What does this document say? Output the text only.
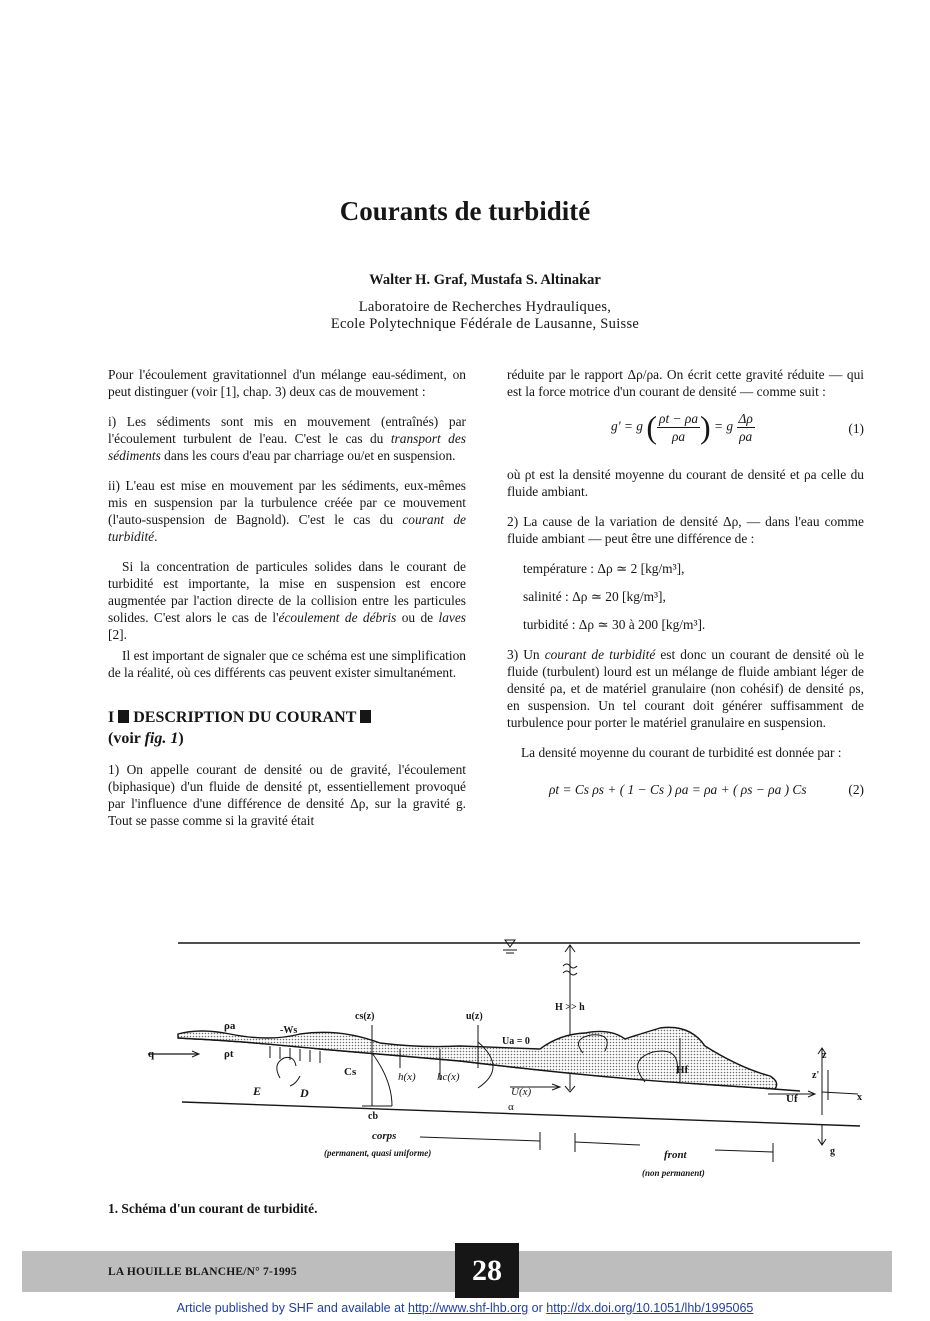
Courants de turbidité
Walter H. Graf, Mustafa S. Altinakar
Laboratoire de Recherches Hydrauliques,
Ecole Polytechnique Fédérale de Lausanne, Suisse

Pour l'écoulement gravitationnel d'un mélange eau-sédiment, on peut distinguer (voir [1], chap. 3) deux cas de mouvement :

i) Les sédiments sont mis en mouvement (entraînés) par l'écoulement turbulent de l'eau. C'est le cas du transport des sédiments dans les cours d'eau par charriage ou/et en suspension.

ii) L'eau est mise en mouvement par les sédiments, eux-mêmes mis en suspension par la turbulence créée par ce mouvement (l'auto-suspension de Bagnold). C'est le cas du courant de turbidité.

Si la concentration de particules solides dans le courant de turbidité est importante, la mise en suspension est encore augmentée par l'action directe de la collision entre les particules solides. C'est alors le cas de l'écoulement de débris ou de laves [2].

Il est important de signaler que ce schéma est une simplification de la réalité, où ces différents cas peuvent exister simultanément.

I DESCRIPTION DU COURANT
(voir fig. 1)

1) On appelle courant de densité ou de gravité, l'écoulement (biphasique) d'un fluide de densité ρt, essentiellement provoqué par l'influence d'une différence de densité Δρ, sur la gravité g. Tout se passe comme si la gravité était

réduite par le rapport Δρ/ρa. On écrit cette gravité réduite — qui est la force motrice d'un courant de densité — comme suit :

g' = g ( $\frac{\rho t - \rho a}{\rho a}$ ) = g $\frac{\Delta\rho}{\rho a}$	(1)

où ρt est la densité moyenne du courant de densité et ρa celle du fluide ambiant.

2) La cause de la variation de densité Δρ, — dans l'eau comme fluide ambiant — peut être une différence de :

température : Δρ ≃ 2 [kg/m³],
salinité : Δρ ≃ 20 [kg/m³],
turbidité : Δρ ≃ 30 à 200 [kg/m³].

3) Un courant de turbidité est donc un courant de densité où le fluide (turbulent) lourd est un mélange de fluide ambiant léger de densité ρa, et de matériel granulaire (non cohésif) de densité ρs, en suspension. Un tel courant doit générer suffisamment de turbulence pour porter le matériel granulaire en suspension.

La densité moyenne du courant de turbidité est donnée par :

ρt = Cs ρs + ( 1 − Cs ) ρa = ρa + ( ρs − ρa ) Cs	(2)
ρa
ρt
-Ws
cs(z)	u(z)
Ua = 0
H >> h
q
Cs	h(x) hc(x)
U(x)
α
E	D
cb
Hf
Uf
z
z'
x
g
corps
(permanent, quasi uniforme)	front
(non permanent)
1. Schéma d'un courant de turbidité.
LA HOUILLE BLANCHE/N° 7-1995	28
Article published by SHF and available at http://www.shf-lhb.org or http://dx.doi.org/10.1051/lhb/1995065
